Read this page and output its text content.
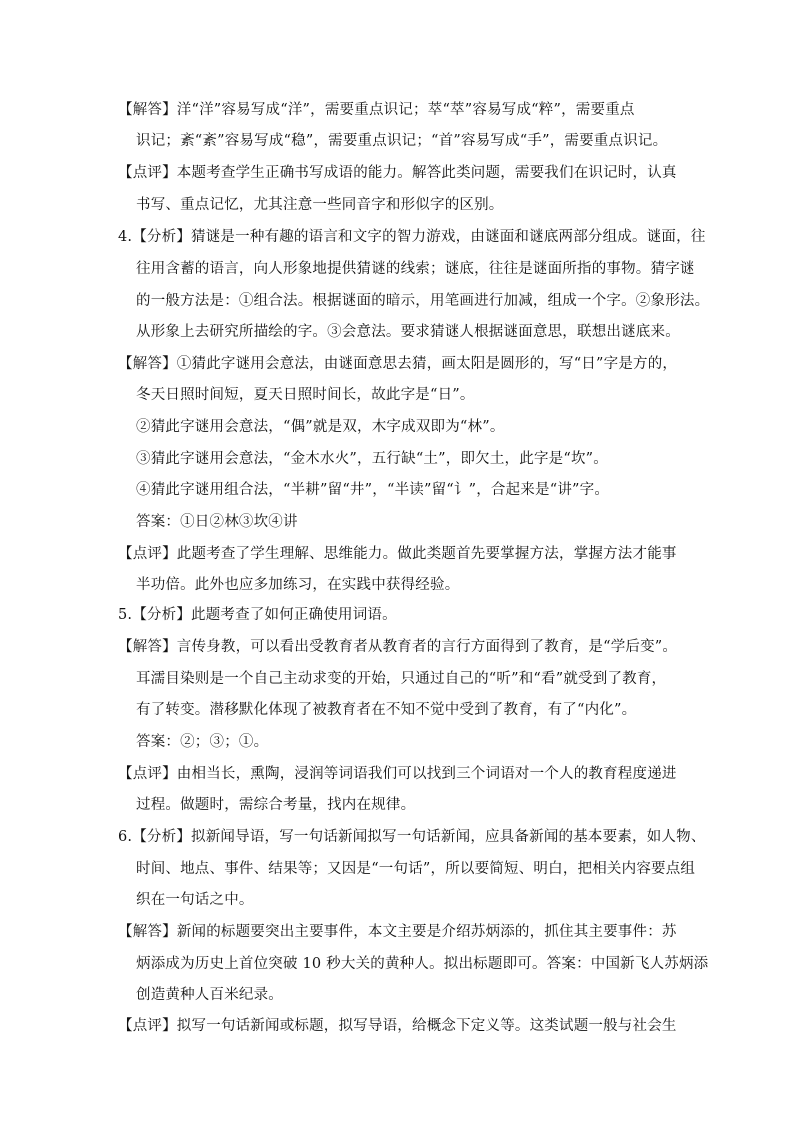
【解答】洋“洋”容易写成“洋”，需要重点识记；萃“萃”容易写成“粹”，需要重点
识记；紊“紊”容易写成“稳”，需要重点识记；“首”容易写成“手”，需要重点识记。
【点评】本题考查学生正确书写成语的能力。解答此类问题，需要我们在识记时，认真
书写、重点记忆，尤其注意一些同音字和形似字的区别。
4.【分析】猜谜是一种有趣的语言和文字的智力游戏，由谜面和谜底两部分组成。谜面，往
往用含蓄的语言，向人形象地提供猜谜的线索；谜底，往往是谜面所指的事物。猜字谜
的一般方法是：①组合法。根据谜面的暗示，用笔画进行加减，组成一个字。②象形法。
从形象上去研究所描绘的字。③会意法。要求猜谜人根据谜面意思，联想出谜底来。
【解答】①猜此字谜用会意法，由谜面意思去猜，画太阳是圆形的，写“日”字是方的，
冬天日照时间短，夏天日照时间长，故此字是“日”。
②猜此字谜用会意法，“偶”就是双，木字成双即为“林”。
③猜此字谜用会意法，“金木水火”，五行缺“土”，即欠土，此字是“坎”。
④猜此字谜用组合法，“半耕”留“井”，“半读”留“讠”，合起来是“讲”字。
答案：①日②林③坎④讲
【点评】此题考查了学生理解、思维能力。做此类题首先要掌握方法，掌握方法才能事
半功倍。此外也应多加练习，在实践中获得经验。
5.【分析】此题考查了如何正确使用词语。
【解答】言传身教，可以看出受教育者从教育者的言行方面得到了教育，是“学后变”。
耳濡目染则是一个自己主动求变的开始，只通过自己的“听”和“看”就受到了教育，
有了转变。潜移默化体现了被教育者在不知不觉中受到了教育，有了“内化”。
答案：②；③；①。
【点评】由相当长，熏陶，浸润等词语我们可以找到三个词语对一个人的教育程度递进
过程。做题时，需综合考量，找内在规律。
6.【分析】拟新闻导语，写一句话新闻拟写一句话新闻，应具备新闻的基本要素，如人物、
时间、地点、事件、结果等；又因是“一句话”，所以要简短、明白，把相关内容要点组
织在一句话之中。
【解答】新闻的标题要突出主要事件，本文主要是介绍苏炳添的，抓住其主要事件：苏
炳添成为历史上首位突破 10 秒大关的黄种人。拟出标题即可。答案：中国新飞人苏炳添
创造黄种人百米纪录。
【点评】拟写一句话新闻或标题，拟写导语，给概念下定义等。这类试题一般与社会生
